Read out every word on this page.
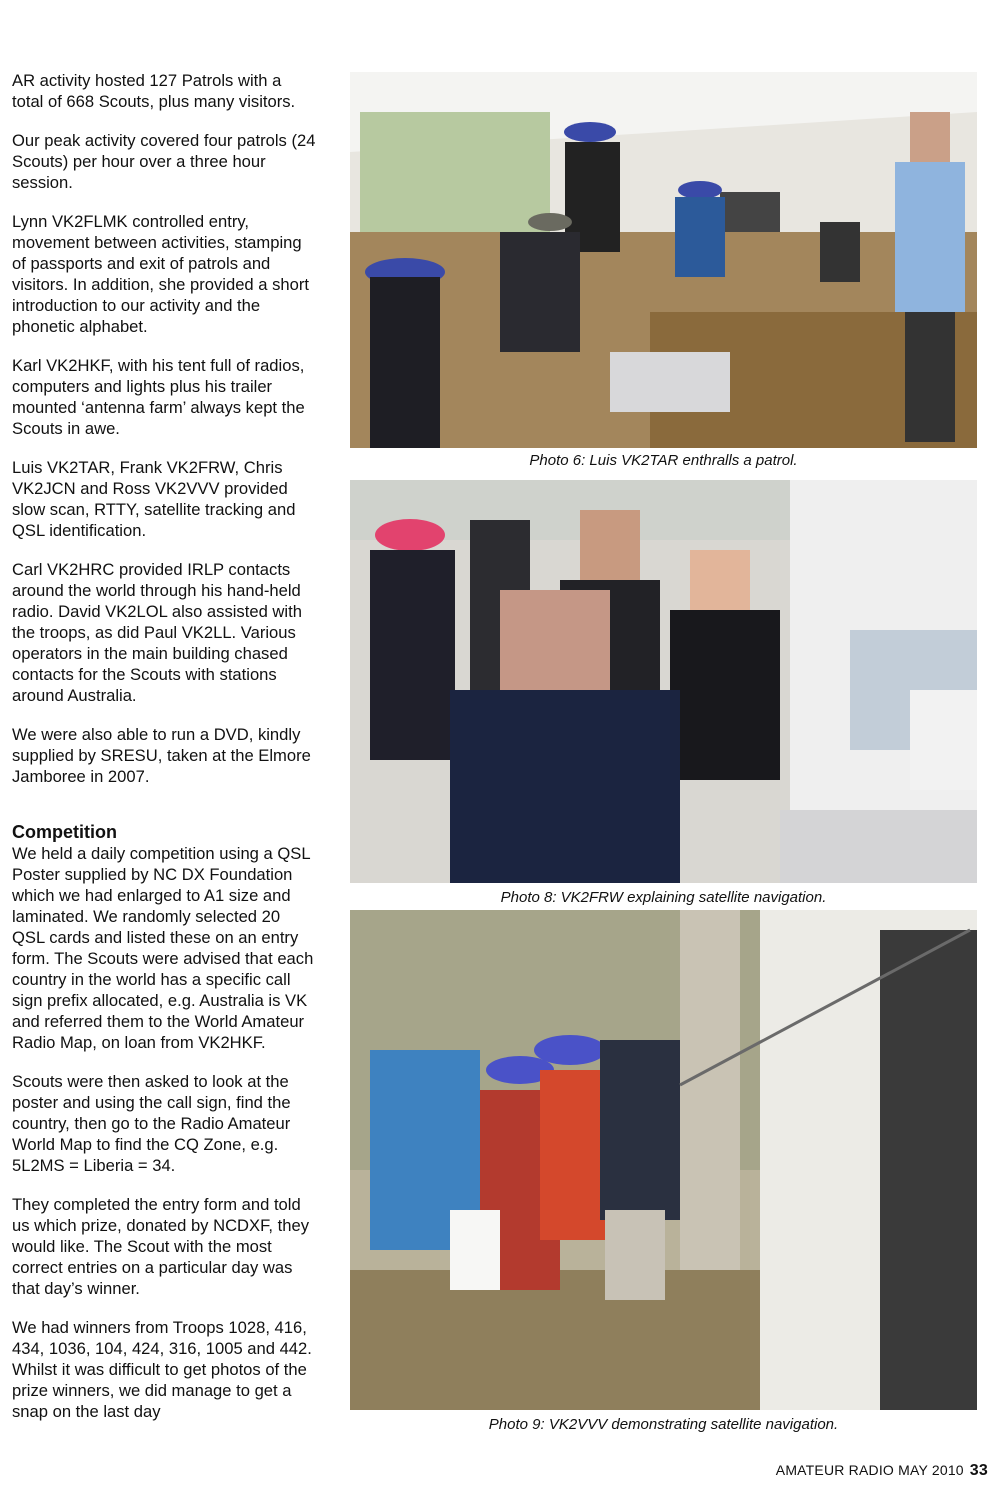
AR activity hosted 127 Patrols with a total of 668 Scouts, plus many visitors.

Our peak activity covered four patrols (24 Scouts) per hour over a three hour session.

Lynn VK2FLMK controlled entry, movement between activities, stamping of passports and exit of patrols and visitors. In addition, she provided a short introduction to our activity and the phonetic alphabet.

Karl VK2HKF, with his tent full of radios, computers and lights plus his trailer mounted ‘antenna farm’ always kept the Scouts in awe.

Luis VK2TAR, Frank VK2FRW, Chris VK2JCN and Ross VK2VVV provided slow scan, RTTY, satellite tracking and QSL identification.

Carl VK2HRC provided IRLP contacts around the world through his hand-held radio. David VK2LOL also assisted with the troops, as did Paul VK2LL. Various operators in the main building chased contacts for the Scouts with stations around Australia.

We were also able to run a DVD, kindly supplied by SRESU, taken at the Elmore Jamboree in 2007.

Competition

We held a daily competition using a QSL Poster supplied by NC DX Foundation which we had enlarged to A1 size and laminated. We randomly selected 20 QSL cards and listed these on an entry form. The Scouts were advised that each country in the world has a specific call sign prefix allocated, e.g. Australia is VK and referred them to the World Amateur Radio Map, on loan from VK2HKF.

Scouts were then asked to look at the poster and using the call sign, find the country, then go to the Radio Amateur World Map to find the CQ Zone, e.g. 5L2MS = Liberia = 34.

They completed the entry form and told us which prize, donated by NCDXF, they would like. The Scout with the most correct entries on a particular day was that day’s winner.

We had winners from Troops 1028, 416, 434, 1036, 104, 424, 316, 1005 and 442. Whilst it was difficult to get photos of the prize winners, we did manage to get a snap on the last day

Photo 6: Luis VK2TAR enthralls a patrol.
Photo 8: VK2FRW explaining satellite navigation.
Photo 9: VK2VVV demonstrating satellite navigation.
AMATEUR RADIO MAY 2010 33
